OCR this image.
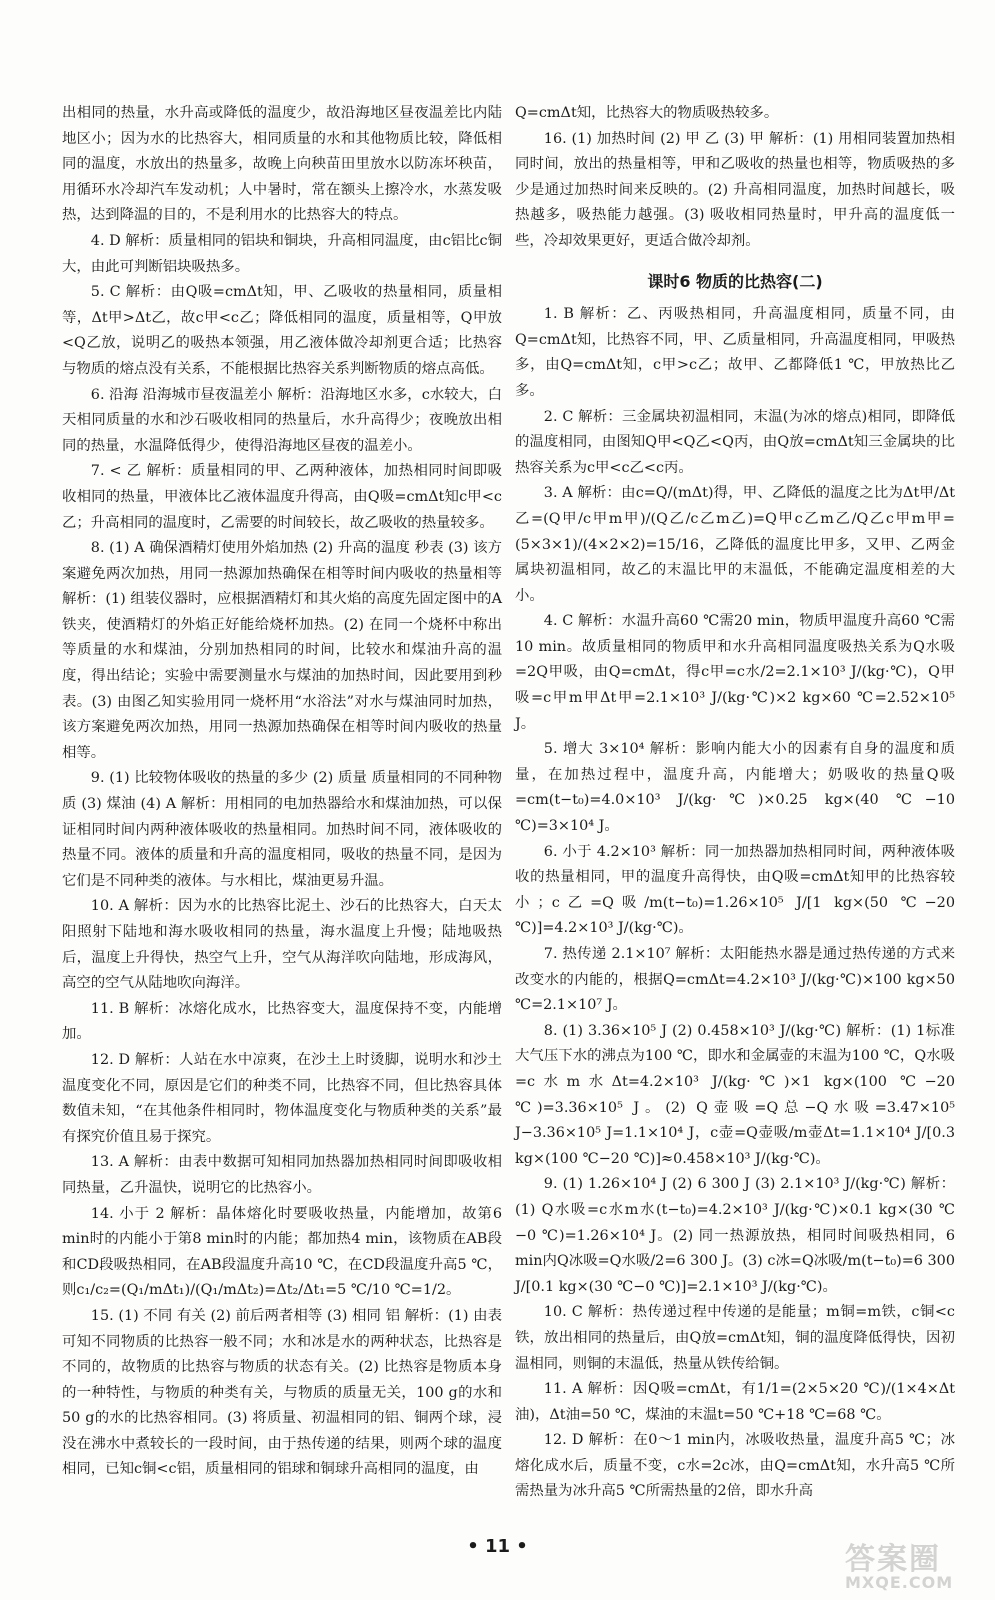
出相同的热量，水升高或降低的温度少，故沿海地区昼夜温差比内陆地区小；因为水的比热容大，相同质量的水和其他物质比较，降低相同的温度，水放出的热量多，故晚上向秧苗田里放水以防冻坏秧苗，用循环水冷却汽车发动机；人中暑时，常在额头上擦冷水，水蒸发吸热，达到降温的目的，不是利用水的比热容大的特点。

4. D 解析：质量相同的铝块和铜块，升高相同温度，由c铝比c铜大，由此可判断铝块吸热多。

5. C 解析：由Q吸=cmΔt知，甲、乙吸收的热量相同，质量相等，Δt甲>Δt乙，故c甲<c乙；降低相同的温度，质量相等，Q甲放<Q乙放，说明乙的吸热本领强，用乙液体做冷却剂更合适；比热容与物质的熔点没有关系，不能根据比热容关系判断物质的熔点高低。

6. 沿海 沿海城市昼夜温差小 解析：沿海地区水多，c水较大，白天相同质量的水和沙石吸收相同的热量后，水升高得少；夜晚放出相同的热量，水温降低得少，使得沿海地区昼夜的温差小。

7. < 乙 解析：质量相同的甲、乙两种液体，加热相同时间即吸收相同的热量，甲液体比乙液体温度升得高，由Q吸=cmΔt知c甲<c乙；升高相同的温度时，乙需要的时间较长，故乙吸收的热量较多。

8. (1) A 确保酒精灯使用外焰加热 (2) 升高的温度 秒表 (3) 该方案避免两次加热，用同一热源加热确保在相等时间内吸收的热量相等 解析：(1) 组装仪器时，应根据酒精灯和其火焰的高度先固定图中的A铁夹，使酒精灯的外焰正好能给烧杯加热。(2) 在同一个烧杯中称出等质量的水和煤油，分别加热相同的时间，比较水和煤油升高的温度，得出结论；实验中需要测量水与煤油的加热时间，因此要用到秒表。(3) 由图乙知实验用同一烧杯用“水浴法”对水与煤油同时加热，该方案避免两次加热，用同一热源加热确保在相等时间内吸收的热量相等。

9. (1) 比较物体吸收的热量的多少 (2) 质量 质量相同的不同种物质 (3) 煤油 (4) A 解析：用相同的电加热器给水和煤油加热，可以保证相同时间内两种液体吸收的热量相同。加热时间不同，液体吸收的热量不同。液体的质量和升高的温度相同，吸收的热量不同，是因为它们是不同种类的液体。与水相比，煤油更易升温。

10. A 解析：因为水的比热容比泥土、沙石的比热容大，白天太阳照射下陆地和海水吸收相同的热量，海水温度上升慢；陆地吸热后，温度上升得快，热空气上升，空气从海洋吹向陆地，形成海风，高空的空气从陆地吹向海洋。

11. B 解析：冰熔化成水，比热容变大，温度保持不变，内能增加。

12. D 解析：人站在水中凉爽，在沙土上时烫脚，说明水和沙土温度变化不同，原因是它们的种类不同，比热容不同，但比热容具体数值未知，“在其他条件相同时，物体温度变化与物质种类的关系”最有探究价值且易于探究。

13. A 解析：由表中数据可知相同加热器加热相同时间即吸收相同热量，乙升温快，说明它的比热容小。

14. 小于 2 解析：晶体熔化时要吸收热量，内能增加，故第6 min时的内能小于第8 min时的内能；都加热4 min，该物质在AB段和CD段吸热相同，在AB段温度升高10 ℃，在CD段温度升高5 ℃，则c₁/c₂=(Q₁/mΔt₁)/(Q₁/mΔt₂)=Δt₂/Δt₁=5 ℃/10 ℃=1/2。

15. (1) 不同 有关 (2) 前后两者相等 (3) 相同 铝 解析：(1) 由表可知不同物质的比热容一般不同；水和冰是水的两种状态，比热容是不同的，故物质的比热容与物质的状态有关。(2) 比热容是物质本身的一种特性，与物质的种类有关，与物质的质量无关，100 g的水和50 g的水的比热容相同。(3) 将质量、初温相同的铝、铜两个球，浸没在沸水中煮较长的一段时间，由于热传递的结果，则两个球的温度相同，已知c铜<c铝，质量相同的铝球和铜球升高相同的温度，由

Q=cmΔt知，比热容大的物质吸热较多。

16. (1) 加热时间 (2) 甲 乙 (3) 甲 解析：(1) 用相同装置加热相同时间，放出的热量相等，甲和乙吸收的热量也相等，物质吸热的多少是通过加热时间来反映的。(2) 升高相同温度，加热时间越长，吸热越多，吸热能力越强。(3) 吸收相同热量时，甲升高的温度低一些，冷却效果更好，更适合做冷却剂。

课时6 物质的比热容(二)

1. B 解析：乙、丙吸热相同，升高温度相同，质量不同，由Q=cmΔt知，比热容不同，甲、乙质量相同，升高温度相同，甲吸热多，由Q=cmΔt知，c甲>c乙；故甲、乙都降低1 ℃，甲放热比乙多。

2. C 解析：三金属块初温相同，末温(为冰的熔点)相同，即降低的温度相同，由图知Q甲<Q乙<Q丙，由Q放=cmΔt知三金属块的比热容关系为c甲<c乙<c丙。

3. A 解析：由c=Q/(mΔt)得，甲、乙降低的温度之比为Δt甲/Δt乙=(Q甲/c甲m甲)/(Q乙/c乙m乙)=Q甲c乙m乙/Q乙c甲m甲=(5×3×1)/(4×2×2)=15/16，乙降低的温度比甲多，又甲、乙两金属块初温相同，故乙的末温比甲的末温低，不能确定温度相差的大小。

4. C 解析：水温升高60 ℃需20 min，物质甲温度升高60 ℃需10 min。故质量相同的物质甲和水升高相同温度吸热关系为Q水吸=2Q甲吸，由Q=cmΔt，得c甲=c水/2=2.1×10³ J/(kg·℃)，Q甲吸=c甲m甲Δt甲=2.1×10³ J/(kg·℃)×2 kg×60 ℃=2.52×10⁵ J。

5. 增大 3×10⁴ 解析：影响内能大小的因素有自身的温度和质量，在加热过程中，温度升高，内能增大；奶吸收的热量Q吸=cm(t−t₀)=4.0×10³ J/(kg·℃)×0.25 kg×(40 ℃−10 ℃)=3×10⁴ J。

6. 小于 4.2×10³ 解析：同一加热器加热相同时间，两种液体吸收的热量相同，甲的温度升高得快，由Q吸=cmΔt知甲的比热容较小；c乙=Q吸/m(t−t₀)=1.26×10⁵ J/[1 kg×(50 ℃−20 ℃)]=4.2×10³ J/(kg·℃)。

7. 热传递 2.1×10⁷ 解析：太阳能热水器是通过热传递的方式来改变水的内能的，根据Q=cmΔt=4.2×10³ J/(kg·℃)×100 kg×50 ℃=2.1×10⁷ J。

8. (1) 3.36×10⁵ J (2) 0.458×10³ J/(kg·℃) 解析：(1) 1标准大气压下水的沸点为100 ℃，即水和金属壶的末温为100 ℃，Q水吸=c水m水Δt=4.2×10³ J/(kg·℃)×1 kg×(100 ℃−20 ℃)=3.36×10⁵ J。(2) Q壶吸=Q总−Q水吸=3.47×10⁵ J−3.36×10⁵ J=1.1×10⁴ J，c壶=Q壶吸/m壶Δt=1.1×10⁴ J/[0.3 kg×(100 ℃−20 ℃)]≈0.458×10³ J/(kg·℃)。

9. (1) 1.26×10⁴ J (2) 6 300 J (3) 2.1×10³ J/(kg·℃) 解析：(1) Q水吸=c水m水(t−t₀)=4.2×10³ J/(kg·℃)×0.1 kg×(30 ℃−0 ℃)=1.26×10⁴ J。(2) 同一热源放热，相同时间吸热相同，6 min内Q冰吸=Q水吸/2=6 300 J。(3) c冰=Q冰吸/m(t−t₀)=6 300 J/[0.1 kg×(30 ℃−0 ℃)]=2.1×10³ J/(kg·℃)。

10. C 解析：热传递过程中传递的是能量；m铜=m铁，c铜<c铁，放出相同的热量后，由Q放=cmΔt知，铜的温度降低得快，因初温相同，则铜的末温低，热量从铁传给铜。

11. A 解析：因Q吸=cmΔt，有1/1=(2×5×20 ℃)/(1×4×Δt油)，Δt油=50 ℃，煤油的末温t=50 ℃+18 ℃=68 ℃。

12. D 解析：在0～1 min内，冰吸收热量，温度升高5 ℃；冰熔化成水后，质量不变，c水=2c冰，由Q=cmΔt知，水升高5 ℃所需热量为冰升高5 ℃所需热量的2倍，即水升高

• 11 •	答案圈
MXQE.COM
